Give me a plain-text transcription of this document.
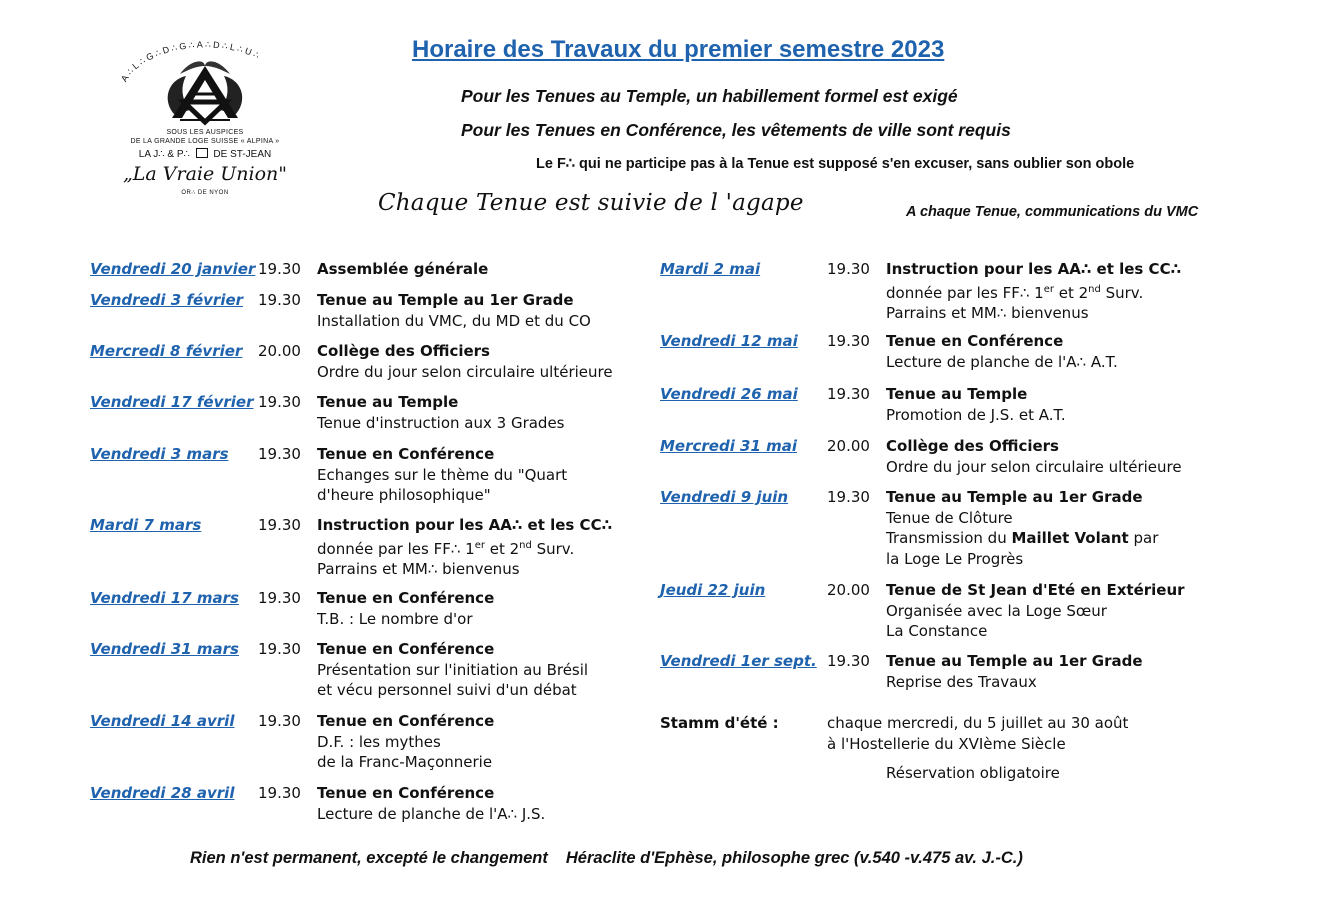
A∴L∴G∴D∴G∴A∴D∴L∴U∴
SOUS LES AUSPICES
DE LA GRANDE LOGE SUISSE « ALPINA »
LA J∴ & P∴ DE ST-JEAN
„La Vraie Union"
OR∴ DE NYON
Horaire des Travaux du premier semestre 2023
Pour les Tenues au Temple, un habillement formel est exigé
Pour les Tenues en Conférence, les vêtements de ville sont requis
Le F∴ qui ne participe pas à la Tenue est supposé s'en excuser, sans oublier son obole
Chaque Tenue est suivie de l 'agape	A chaque Tenue, communications du VMC
Vendredi 20 janvier 19.30 Assemblée générale
Vendredi 3 février 19.30 Tenue au Temple au 1er Grade
Installation du VMC, du MD et du CO
Mercredi 8 février 20.00 Collège des Officiers
Ordre du jour selon circulaire ultérieure
Vendredi 17 février 19.30 Tenue au Temple
Tenue d'instruction aux 3 Grades
Vendredi 3 mars 19.30 Tenue en Conférence
Echanges sur le thème du "Quart
d'heure philosophique"
Mardi 7 mars	19.30 Instruction pour les AA∴ et les CC∴
donnée par les FF∴ 1er et 2nd Surv.
Parrains et MM∴ bienvenus
Vendredi 17 mars 19.30 Tenue en Conférence
T.B. : Le nombre d'or
Vendredi 31 mars 19.30 Tenue en Conférence
Présentation sur l'initiation au Brésil
et vécu personnel suivi d'un débat
Vendredi 14 avril 19.30 Tenue en Conférence
D.F. : les mythes
de la Franc-Maçonnerie
Vendredi 28 avril 19.30 Tenue en Conférence
Lecture de planche de l'A∴ J.S.
Mardi 2 mai	19.30 Instruction pour les AA∴ et les CC∴
donnée par les FF∴ 1er et 2nd Surv.
Parrains et MM∴ bienvenus
Vendredi 12 mai 19.30 Tenue en Conférence
Lecture de planche de l'A∴ A.T.
Vendredi 26 mai 19.30 Tenue au Temple
Promotion de J.S. et A.T.
Mercredi 31 mai 20.00 Collège des Officiers
Ordre du jour selon circulaire ultérieure
Vendredi 9 juin	19.30 Tenue au Temple au 1er Grade
Tenue de Clôture
Transmission du Maillet Volant par
la Loge Le Progrès
Jeudi 22 juin	20.00 Tenue de St Jean d'Eté en Extérieur
Organisée avec la Loge Sœur
La Constance
Vendredi 1er sept. 19.30 Tenue au Temple au 1er Grade
Reprise des Travaux
Stamm d'été :	chaque mercredi, du 5 juillet au 30 août
à l'Hostellerie du XVIème Siècle
Réservation obligatoire
Rien n'est permanent, excepté le changement Héraclite d'Ephèse, philosophe grec (v.540 -v.475 av. J.-C.)
